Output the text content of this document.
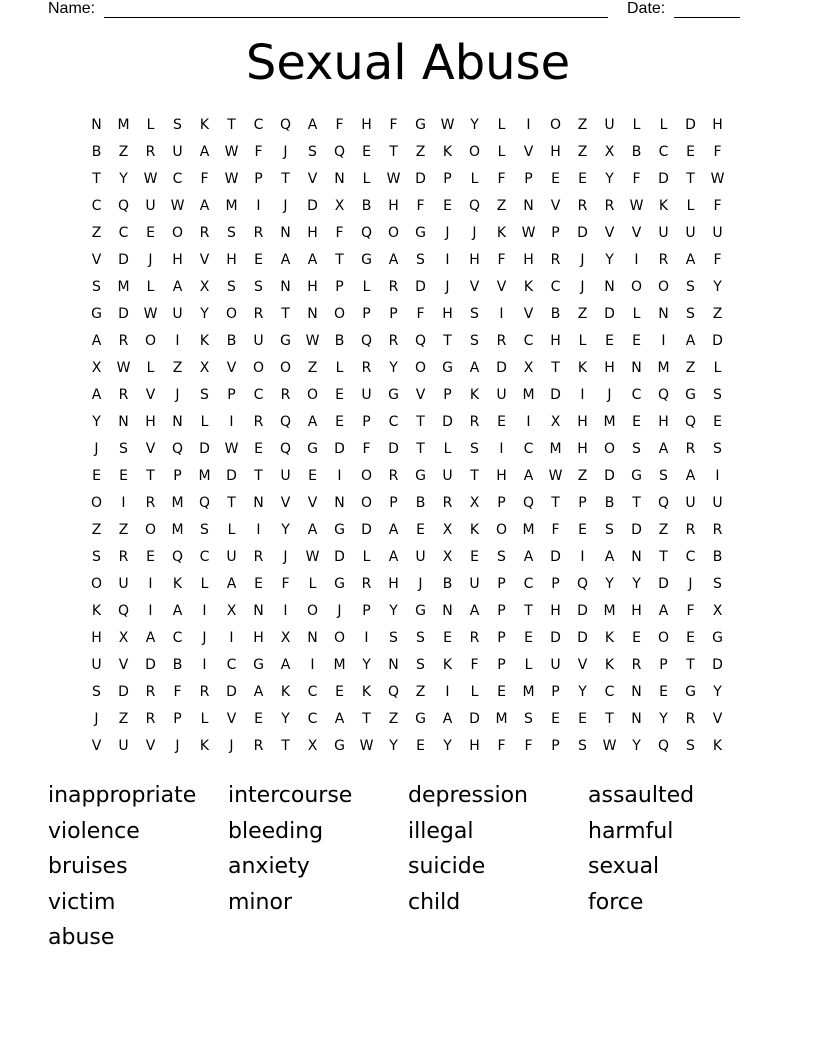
Name:	Date:
Sexual Abuse
N	M	L	S	K	T	C	Q	A	F	H	F	G	W	Y	L	I	O	Z	U	L	L	D	H
B	Z	R	U	A	W	F	J	S	Q	E	T	Z	K	O	L	V	H	Z	X	B	C	E	F
T	Y	W	C	F	W	P	T	V	N	L	W	D	P	L	F	P	E	E	Y	F	D	T	W
C	Q	U	W	A	M	I	J	D	X	B	H	F	E	Q	Z	N	V	R	R	W	K	L	F
Z	C	E	O	R	S	R	N	H	F	Q	O	G	J	J	K	W	P	D	V	V	U	U	U
V	D	J	H	V	H	E	A	A	T	G	A	S	I	H	F	H	R	J	Y	I	R	A	F
S	M	L	A	X	S	S	N	H	P	L	R	D	J	V	V	K	C	J	N	O	O	S	Y
G	D	W	U	Y	O	R	T	N	O	P	P	F	H	S	I	V	B	Z	D	L	N	S	Z
A	R	O	I	K	B	U	G	W	B	Q	R	Q	T	S	R	C	H	L	E	E	I	A	D
X	W	L	Z	X	V	O	O	Z	L	R	Y	O	G	A	D	X	T	K	H	N	M	Z	L
A	R	V	J	S	P	C	R	O	E	U	G	V	P	K	U	M	D	I	J	C	Q	G	S
Y	N	H	N	L	I	R	Q	A	E	P	C	T	D	R	E	I	X	H	M	E	H	Q	E
J	S	V	Q	D	W	E	Q	G	D	F	D	T	L	S	I	C	M	H	O	S	A	R	S
E	E	T	P	M	D	T	U	E	I	O	R	G	U	T	H	A	W	Z	D	G	S	A	I
O	I	R	M	Q	T	N	V	V	N	O	P	B	R	X	P	Q	T	P	B	T	Q	U	U
Z	Z	O	M	S	L	I	Y	A	G	D	A	E	X	K	O	M	F	E	S	D	Z	R	R
S	R	E	Q	C	U	R	J	W	D	L	A	U	X	E	S	A	D	I	A	N	T	C	B
O	U	I	K	L	A	E	F	L	G	R	H	J	B	U	P	C	P	Q	Y	Y	D	J	S
K	Q	I	A	I	X	N	I	O	J	P	Y	G	N	A	P	T	H	D	M	H	A	F	X
H	X	A	C	J	I	H	X	N	O	I	S	S	E	R	P	E	D	D	K	E	O	E	G
U	V	D	B	I	C	G	A	I	M	Y	N	S	K	F	P	L	U	V	K	R	P	T	D
S	D	R	F	R	D	A	K	C	E	K	Q	Z	I	L	E	M	P	Y	C	N	E	G	Y
J	Z	R	P	L	V	E	Y	C	A	T	Z	G	A	D	M	S	E	E	T	N	Y	R	V
V	U	V	J	K	J	R	T	X	G	W	Y	E	Y	H	F	F	P	S	W	Y	Q	S	K
inappropriate	intercourse	depression	assaulted
violence	bleeding	illegal	harmful
bruises	anxiety	suicide	sexual
victim	minor	child	force
abuse
